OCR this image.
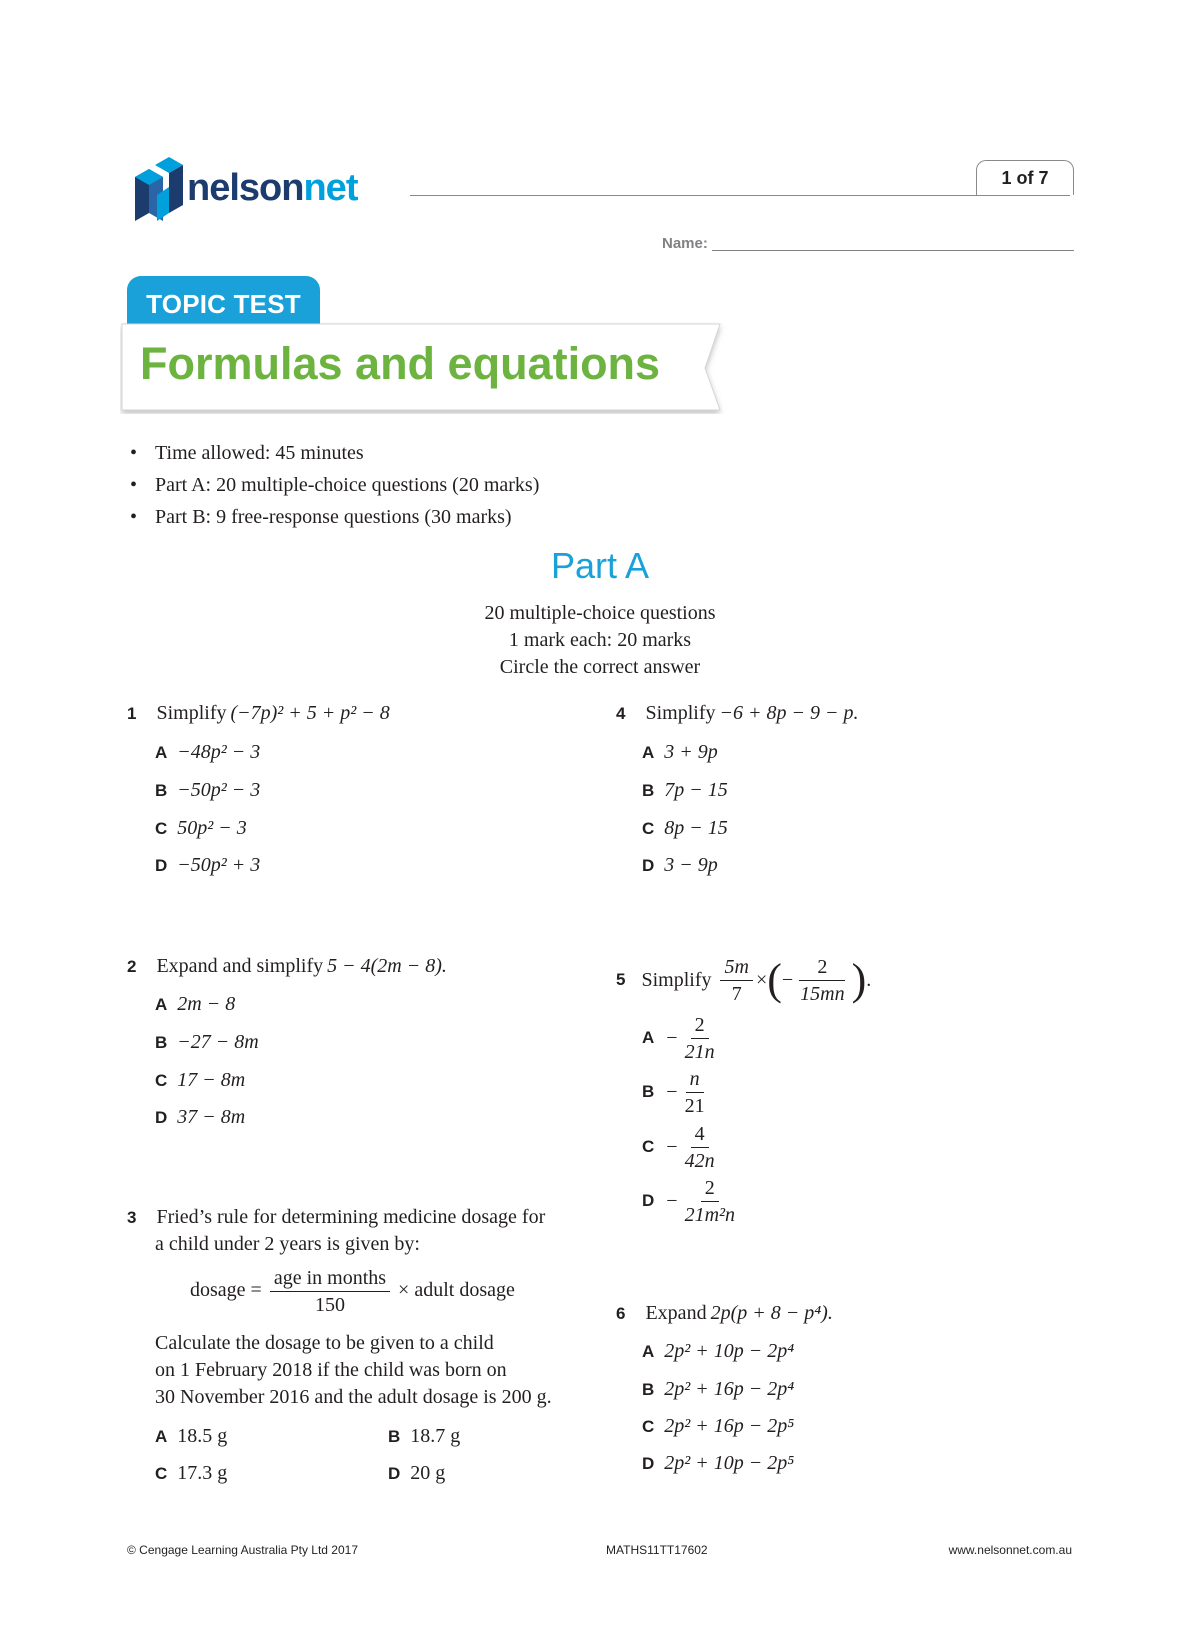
nelsonnet	1 of 7
Name:
TOPIC TEST
Formulas and equations
• Time allowed: 45 minutes
• Part A: 20 multiple-choice questions (20 marks)
• Part B: 9 free-response questions (30 marks)
Part A
20 multiple-choice questions
1 mark each: 20 marks
Circle the correct answer
1 Simplify (−7p)² + 5 + p² − 8
A −48p² − 3
B −50p² − 3
C 50p² − 3
D −50p² + 3
2 Expand and simplify 5 − 4(2m − 8).
A 2m − 8
B −27 − 8m
C 17 − 8m
D 37 − 8m
3 Fried’s rule for determining medicine dosage for
a child under 2 years is given by:
dosage = $\frac{\text{age in months}}{150}$ × adult dosage
Calculate the dosage to be given to a child
on 1 February 2018 if the child was born on
30 November 2016 and the adult dosage is 200 g.
A 18.5 g	B 18.7 g
C 17.3 g	D 20 g
4 Simplify −6 + 8p − 9 − p.
A 3 + 9p
B 7p − 15
C 8p − 15
D 3 − 9p
5 Simplify $\frac{5m}{7}$ × ( − $\frac{2}{15mn}$ ) .
$A - \frac{2}{21n}$
$B - \frac{n}{21}$
$C - \frac{4}{42n}$
$D - \frac{2}{\text{21m²n}}$
6 Expand 2p(p + 8 − p⁴).
A 2p² + 10p − 2p⁴
B 2p² + 16p − 2p⁴
C 2p² + 16p − 2p⁵
D 2p² + 10p − 2p⁵
© Cengage Learning Australia Pty Ltd 2017	MATHS11TT17602	www.nelsonnet.com.au
